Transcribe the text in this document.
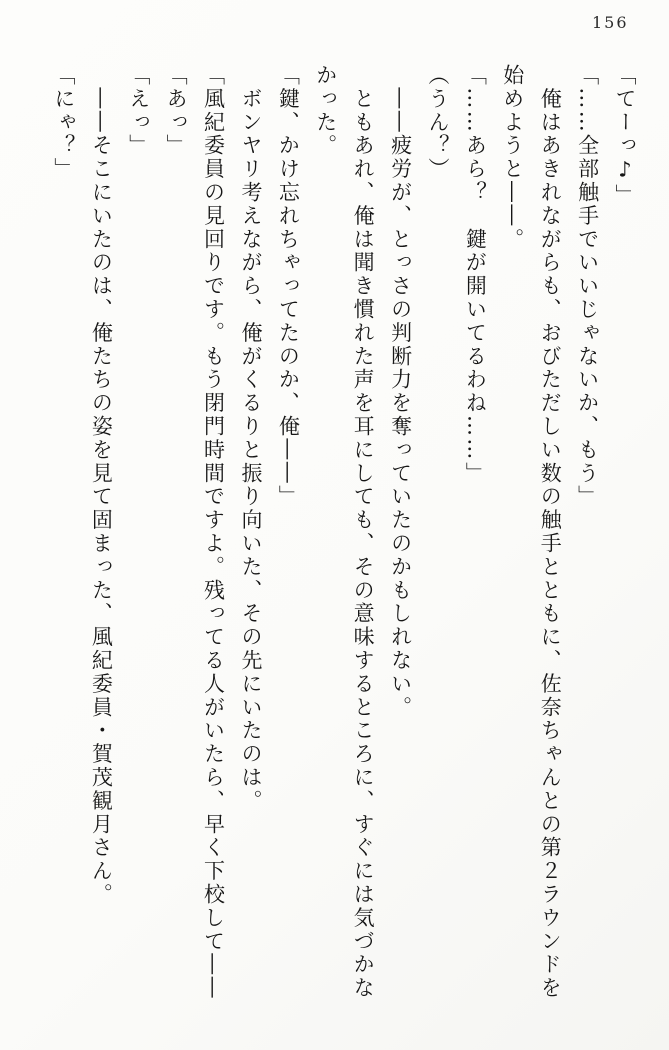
156

「てーっ♪」

「……全部触手でいいじゃないか、もう」

　俺はあきれながらも、おびただしい数の触手とともに、佐奈ちゃんとの第２ラウンドを

始めようと――。

「……あら？　鍵が開いてるわね……」

（うん？）

　――疲労が、とっさの判断力を奪っていたのかもしれない。

　ともあれ、俺は聞き慣れた声を耳にしても、その意味するところに、すぐには気づかな

かった。

「鍵、かけ忘れちゃってたのか、俺――」

　ボンヤリ考えながら、俺がくるりと振り向いた、その先にいたのは。

「風紀委員の見回りです。もう閉門時間ですよ。残ってる人がいたら、早く下校して――

「あっ」

「えっ」

　――そこにいたのは、俺たちの姿を見て固まった、風紀委員・賀茂観月さん。

「にゃ？」
